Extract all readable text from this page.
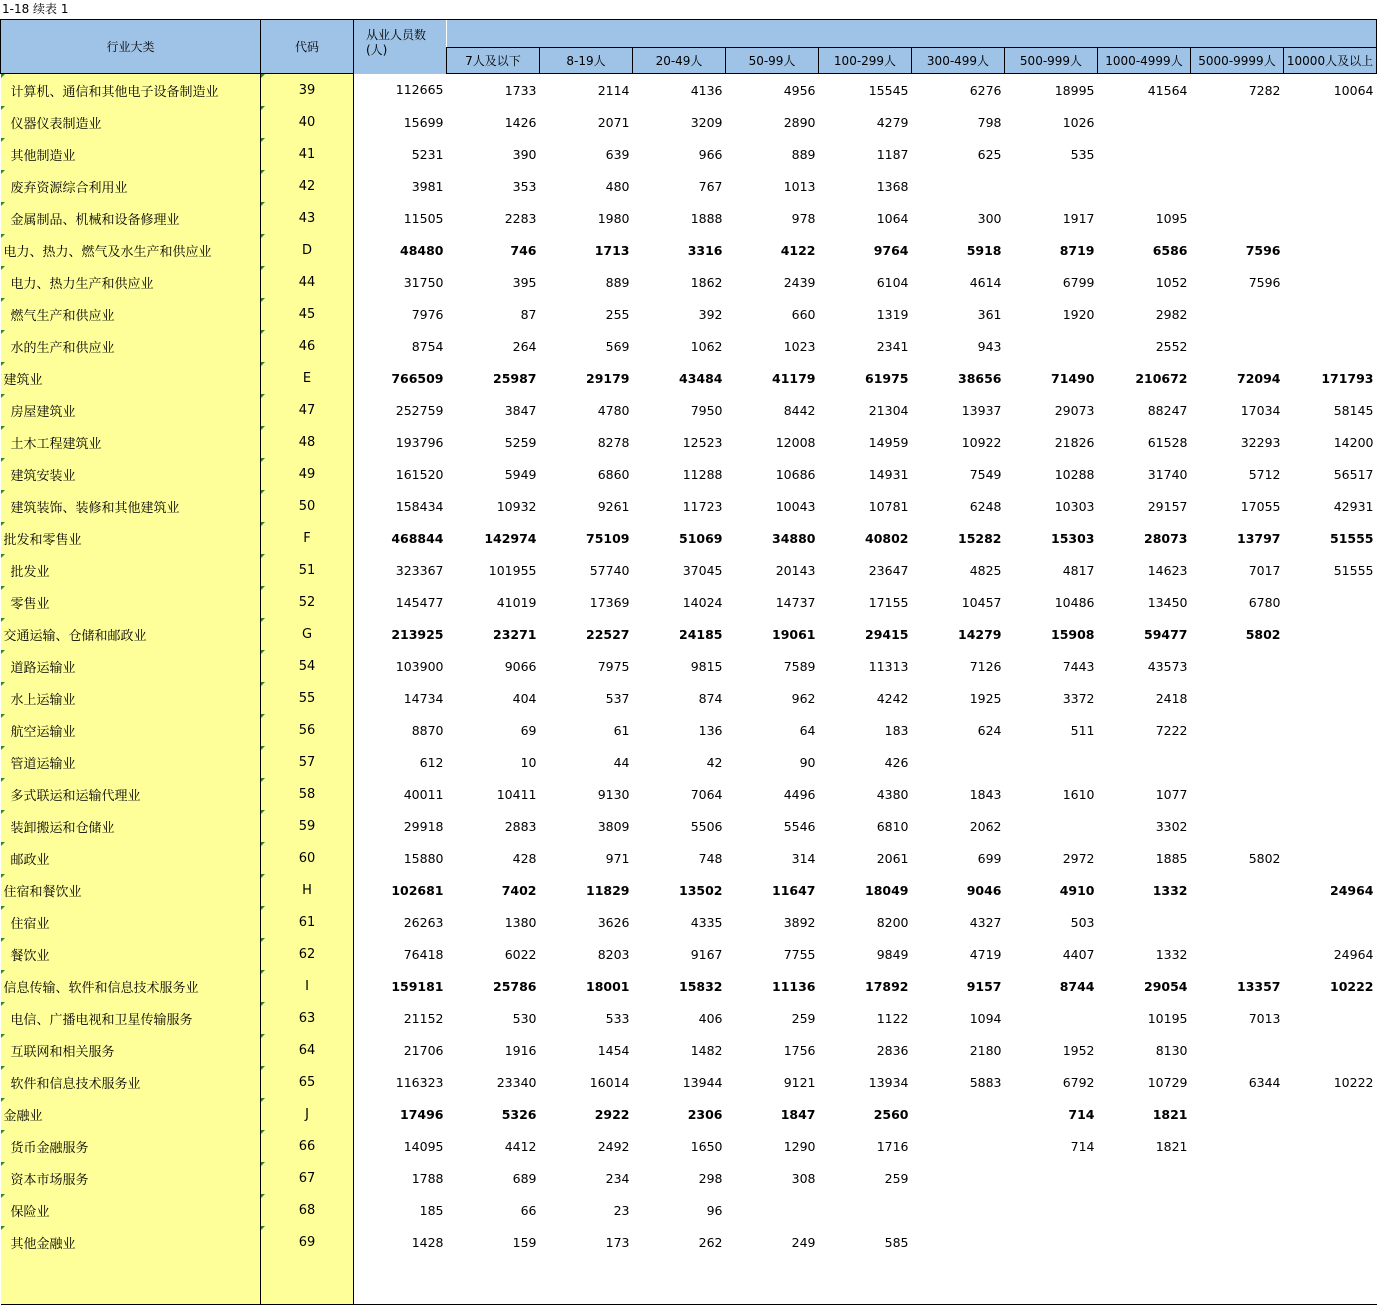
1-18 续表 1
行业大类	代码	从业人员数
(人)										
			7人及以下	8-19人	20-49人	50-99人	100-299人	300-499人	500-999人	1000-4999人	5000-9999人	10000人及以上

计算机、通信和其他电子设备制造业	39	112665	1733	2114	4136	4956	15545	6276	18995	41564	7282	10064

仪器仪表制造业	40	15699	1426	2071	3209	2890	4279	798	1026			

其他制造业	41	5231	390	639	966	889	1187	625	535			

废弃资源综合利用业	42	3981	353	480	767	1013	1368					

金属制品、机械和设备修理业	43	11505	2283	1980	1888	978	1064	300	1917	1095		

电力、热力、燃气及水生产和供应业	D	48480	746	1713	3316	4122	9764	5918	8719	6586	7596	

电力、热力生产和供应业	44	31750	395	889	1862	2439	6104	4614	6799	1052	7596	

燃气生产和供应业	45	7976	87	255	392	660	1319	361	1920	2982		

水的生产和供应业	46	8754	264	569	1062	1023	2341	943		2552		

建筑业	E	766509	25987	29179	43484	41179	61975	38656	71490	210672	72094	171793

房屋建筑业	47	252759	3847	4780	7950	8442	21304	13937	29073	88247	17034	58145

土木工程建筑业	48	193796	5259	8278	12523	12008	14959	10922	21826	61528	32293	14200

建筑安装业	49	161520	5949	6860	11288	10686	14931	7549	10288	31740	5712	56517

建筑装饰、装修和其他建筑业	50	158434	10932	9261	11723	10043	10781	6248	10303	29157	17055	42931

批发和零售业	F	468844	142974	75109	51069	34880	40802	15282	15303	28073	13797	51555

批发业	51	323367	101955	57740	37045	20143	23647	4825	4817	14623	7017	51555

零售业	52	145477	41019	17369	14024	14737	17155	10457	10486	13450	6780	

交通运输、仓储和邮政业	G	213925	23271	22527	24185	19061	29415	14279	15908	59477	5802	

道路运输业	54	103900	9066	7975	9815	7589	11313	7126	7443	43573		

水上运输业	55	14734	404	537	874	962	4242	1925	3372	2418		

航空运输业	56	8870	69	61	136	64	183	624	511	7222		

管道运输业	57	612	10	44	42	90	426					

多式联运和运输代理业	58	40011	10411	9130	7064	4496	4380	1843	1610	1077		

装卸搬运和仓储业	59	29918	2883	3809	5506	5546	6810	2062		3302		

邮政业	60	15880	428	971	748	314	2061	699	2972	1885	5802	

住宿和餐饮业	H	102681	7402	11829	13502	11647	18049	9046	4910	1332		24964

住宿业	61	26263	1380	3626	4335	3892	8200	4327	503			

餐饮业	62	76418	6022	8203	9167	7755	9849	4719	4407	1332		24964

信息传输、软件和信息技术服务业	I	159181	25786	18001	15832	11136	17892	9157	8744	29054	13357	10222

电信、广播电视和卫星传输服务	63	21152	530	533	406	259	1122	1094		10195	7013	

互联网和相关服务	64	21706	1916	1454	1482	1756	2836	2180	1952	8130		

软件和信息技术服务业	65	116323	23340	16014	13944	9121	13934	5883	6792	10729	6344	10222

金融业	J	17496	5326	2922	2306	1847	2560		714	1821		

货币金融服务	66	14095	4412	2492	1650	1290	1716		714	1821		

资本市场服务	67	1788	689	234	298	308	259					

保险业	68	185	66	23	96							

其他金融业	69	1428	159	173	262	249	585					
